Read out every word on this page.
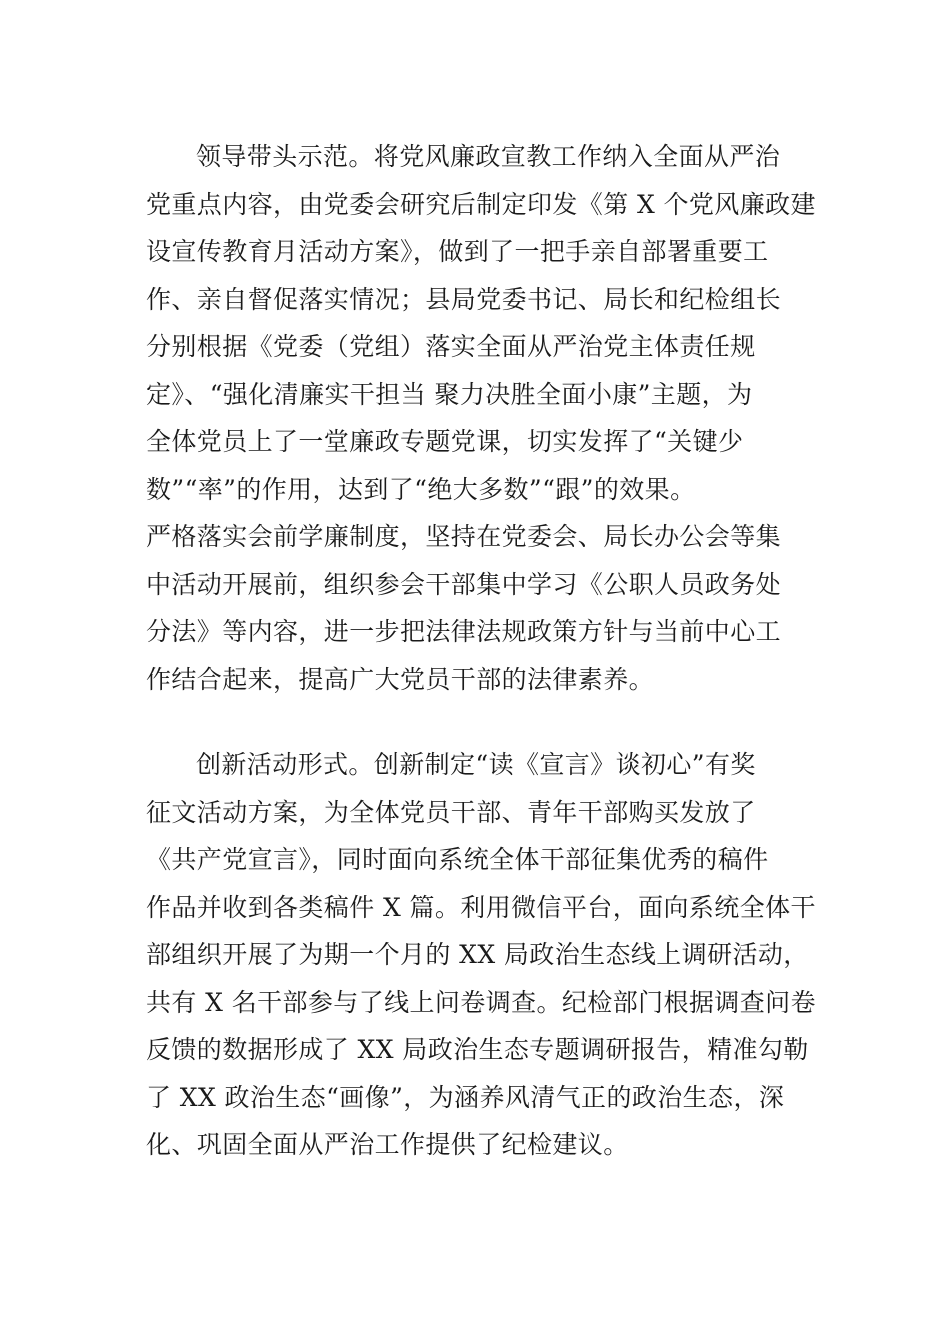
领导带头示范。将党风廉政宣教工作纳入全面从严治
党重点内容，由党委会研究后制定印发《第 X 个党风廉政建
设宣传教育月活动方案》，做到了一把手亲自部署重要工
作、亲自督促落实情况；县局党委书记、局长和纪检组长
分别根据《党委（党组）落实全面从严治党主体责任规
定》、“强化清廉实干担当 聚力决胜全面小康”主题，为
全体党员上了一堂廉政专题党课，切实发挥了“关键少
数”“率”的作用，达到了“绝大多数”“跟”的效果。
严格落实会前学廉制度，坚持在党委会、局长办公会等集
中活动开展前，组织参会干部集中学习《公职人员政务处
分法》等内容，进一步把法律法规政策方针与当前中心工
作结合起来，提高广大党员干部的法律素养。
创新活动形式。创新制定“读《宣言》谈初心”有奖
征文活动方案，为全体党员干部、青年干部购买发放了
《共产党宣言》，同时面向系统全体干部征集优秀的稿件
作品并收到各类稿件 X 篇。利用微信平台，面向系统全体干
部组织开展了为期一个月的 XX 局政治生态线上调研活动，
共有 X 名干部参与了线上问卷调查。纪检部门根据调查问卷
反馈的数据形成了 XX 局政治生态专题调研报告，精准勾勒
了 XX 政治生态“画像”，为涵养风清气正的政治生态，深
化、巩固全面从严治工作提供了纪检建议。
